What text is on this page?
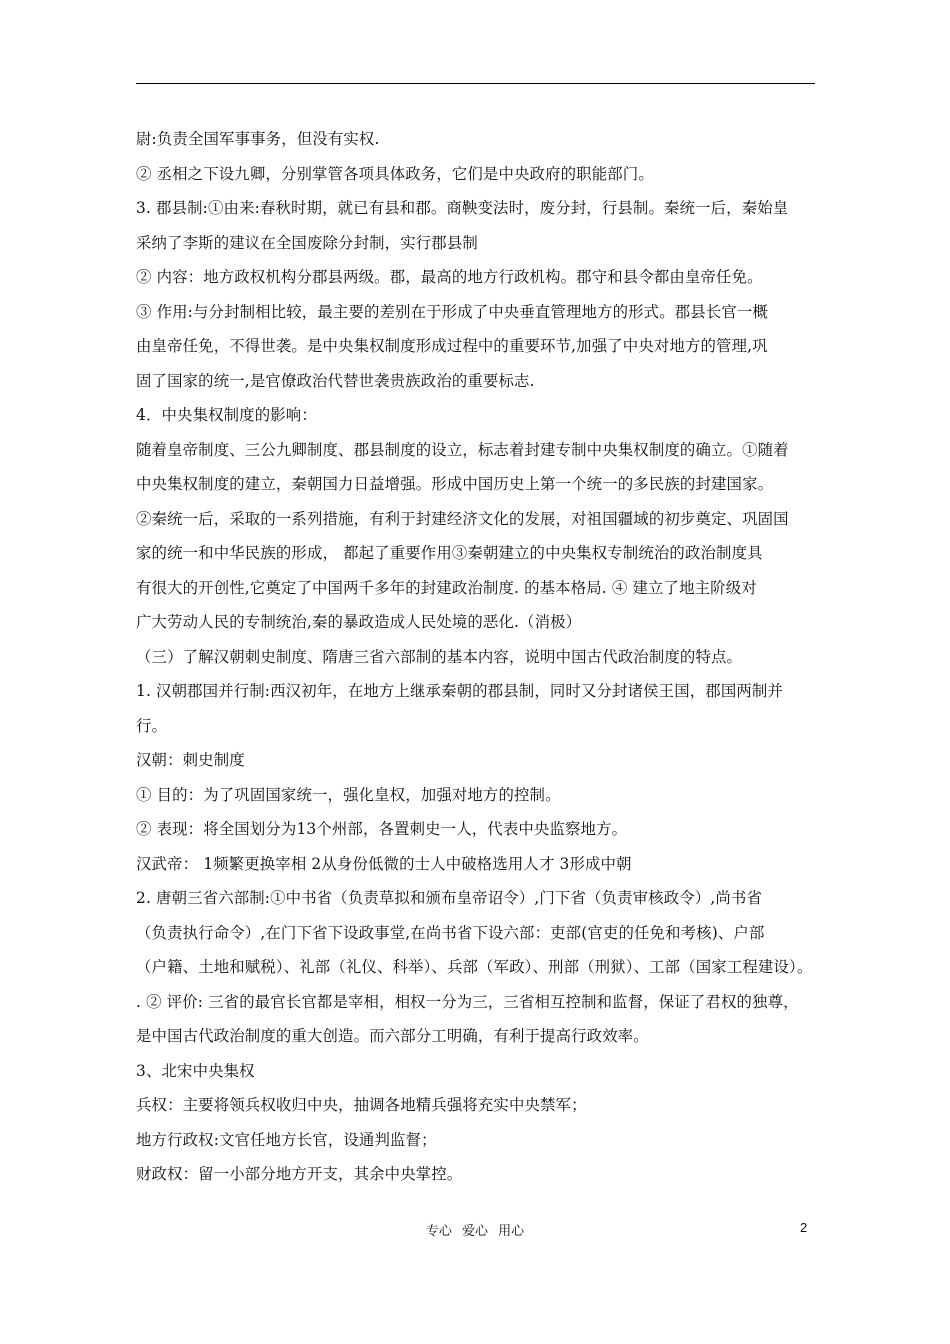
尉:负责全国军事事务，但没有实权.
② 丞相之下设九卿，分别掌管各项具体政务，它们是中央政府的职能部门。
3. 郡县制:①由来:春秋时期，就已有县和郡。商鞅变法时，废分封，行县制。秦统一后，秦始皇
采纳了李斯的建议在全国废除分封制，实行郡县制
② 内容：地方政权机构分郡县两级。郡，最高的地方行政机构。郡守和县令都由皇帝任免。
③ 作用:与分封制相比较，最主要的差别在于形成了中央垂直管理地方的形式。郡县长官一概
由皇帝任免，不得世袭。是中央集权制度形成过程中的重要环节,加强了中央对地方的管理,巩
固了国家的统一,是官僚政治代替世袭贵族政治的重要标志.
4．中央集权制度的影响：
随着皇帝制度、三公九卿制度、郡县制度的设立，标志着封建专制中央集权制度的确立。①随着
中央集权制度的建立，秦朝国力日益增强。形成中国历史上第一个统一的多民族的封建国家。
②秦统一后，采取的一系列措施，有利于封建经济文化的发展，对祖国疆域的初步奠定、巩固国
家的统一和中华民族的形成， 都起了重要作用③秦朝建立的中央集权专制统治的政治制度具
有很大的开创性,它奠定了中国两千多年的封建政治制度. 的基本格局. ④ 建立了地主阶级对
广大劳动人民的专制统治,秦的暴政造成人民处境的恶化.（消极）
（三）了解汉朝刺史制度、隋唐三省六部制的基本内容，说明中国古代政治制度的特点。
1. 汉朝郡国并行制:西汉初年，在地方上继承秦朝的郡县制，同时又分封诸侯王国，郡国两制并
行。
汉朝：刺史制度
① 目的：为了巩固国家统一，强化皇权，加强对地方的控制。
② 表现：将全国划分为13个州部，各置刺史一人，代表中央监察地方。
汉武帝： 1频繁更换宰相 2从身份低微的士人中破格选用人才 3形成中朝
2. 唐朝三省六部制:①中书省（负责草拟和颁布皇帝诏令）,门下省（负责审核政令）,尚书省
（负责执行命令）,在门下省下设政事堂,在尚书省下设六部：吏部(官吏的任免和考核)、户部
（户籍、土地和赋税）、礼部（礼仪、科举）、兵部（军政）、刑部（刑狱）、工部（国家工程建设）。
. ② 评价: 三省的最官长官都是宰相，相权一分为三，三省相互控制和监督，保证了君权的独尊，
是中国古代政治制度的重大创造。而六部分工明确，有利于提高行政效率。
3、北宋中央集权
兵权：主要将领兵权收归中央，抽调各地精兵强将充实中央禁军；
地方行政权:文官任地方长官，设通判监督；
财政权：留一小部分地方开支，其余中央掌控。
专心 爱心 用心	2
